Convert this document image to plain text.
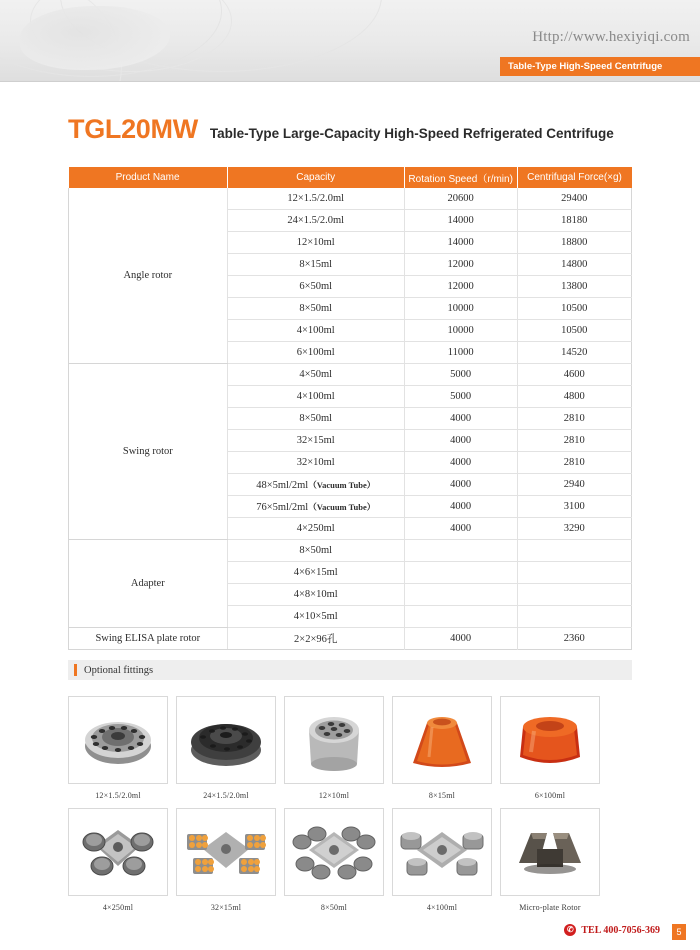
Http://www.hexiyiqi.com
Table-Type High-Speed Centrifuge
TGL20MW Table-Type Large-Capacity High-Speed Refrigerated Centrifuge
Product Name	Capacity	Rotation Speed（r/min)	Centrifugal Force(×g)
Angle rotor	12×1.5/2.0ml	20600	29400
	24×1.5/2.0ml	14000	18180
	12×10ml	14000	18800
	8×15ml	12000	14800
	6×50ml	12000	13800
	8×50ml	10000	10500
	4×100ml	10000	10500
	6×100ml	11000	14520
Swing rotor	4×50ml	5000	4600
	4×100ml	5000	4800
	8×50ml	4000	2810
	32×15ml	4000	2810
	32×10ml	4000	2810
	48×5ml/2ml（Vacuum Tube）	4000	2940
	76×5ml/2ml（Vacuum Tube）	4000	3100
	4×250ml	4000	3290
Adapter	8×50ml		
	4×6×15ml		
	4×8×10ml		
	4×10×5ml		
Swing ELISA plate rotor	2×2×96孔	4000	2360
Optional fittings
12×1.5/2.0ml	24×1.5/2.0ml	12×10ml	8×15ml	6×100ml
4×250ml	32×15ml	8×50ml	4×100ml	Micro-plate Rotor
✆ TEL 400-7056-369	5
